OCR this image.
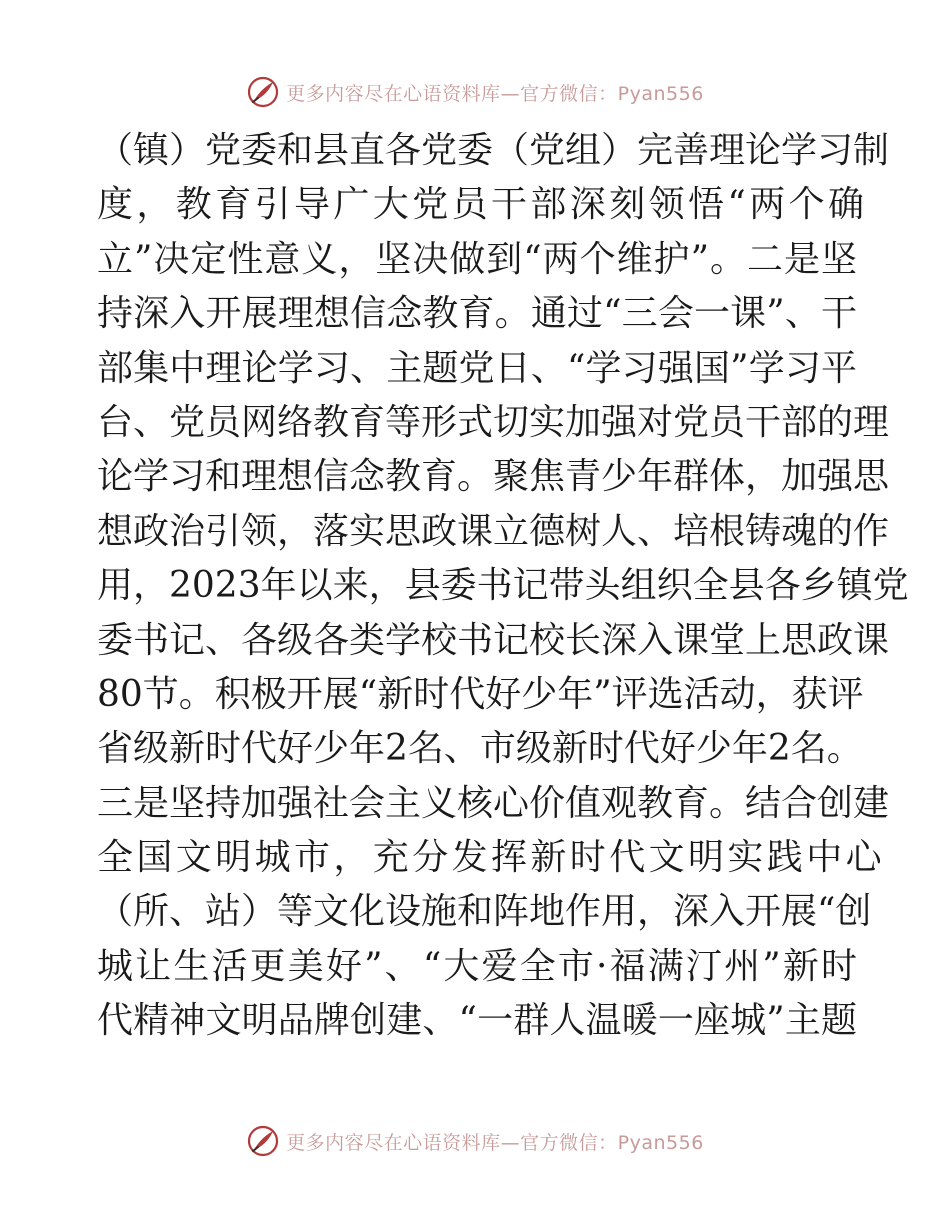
更多内容尽在心语资料库—官方微信：Pyan556
（镇）党委和县直各党委（党组）完善理论学习制
度，教育引导广大党员干部深刻领悟“两个确
立”决定性意义，坚决做到“两个维护”。二是坚
持深入开展理想信念教育。通过“三会一课”、干
部集中理论学习、主题党日、“学习强国”学习平
台、党员网络教育等形式切实加强对党员干部的理
论学习和理想信念教育。聚焦青少年群体，加强思
想政治引领，落实思政课立德树人、培根铸魂的作
用，2023年以来，县委书记带头组织全县各乡镇党
委书记、各级各类学校书记校长深入课堂上思政课
80节。积极开展“新时代好少年”评选活动，获评
省级新时代好少年2名、市级新时代好少年2名。
三是坚持加强社会主义核心价值观教育。结合创建
全国文明城市，充分发挥新时代文明实践中心
（所、站）等文化设施和阵地作用，深入开展“创
城让生活更美好”、“大爱全市·福满汀州”新时
代精神文明品牌创建、“一群人温暖一座城”主题
更多内容尽在心语资料库—官方微信：Pyan556
